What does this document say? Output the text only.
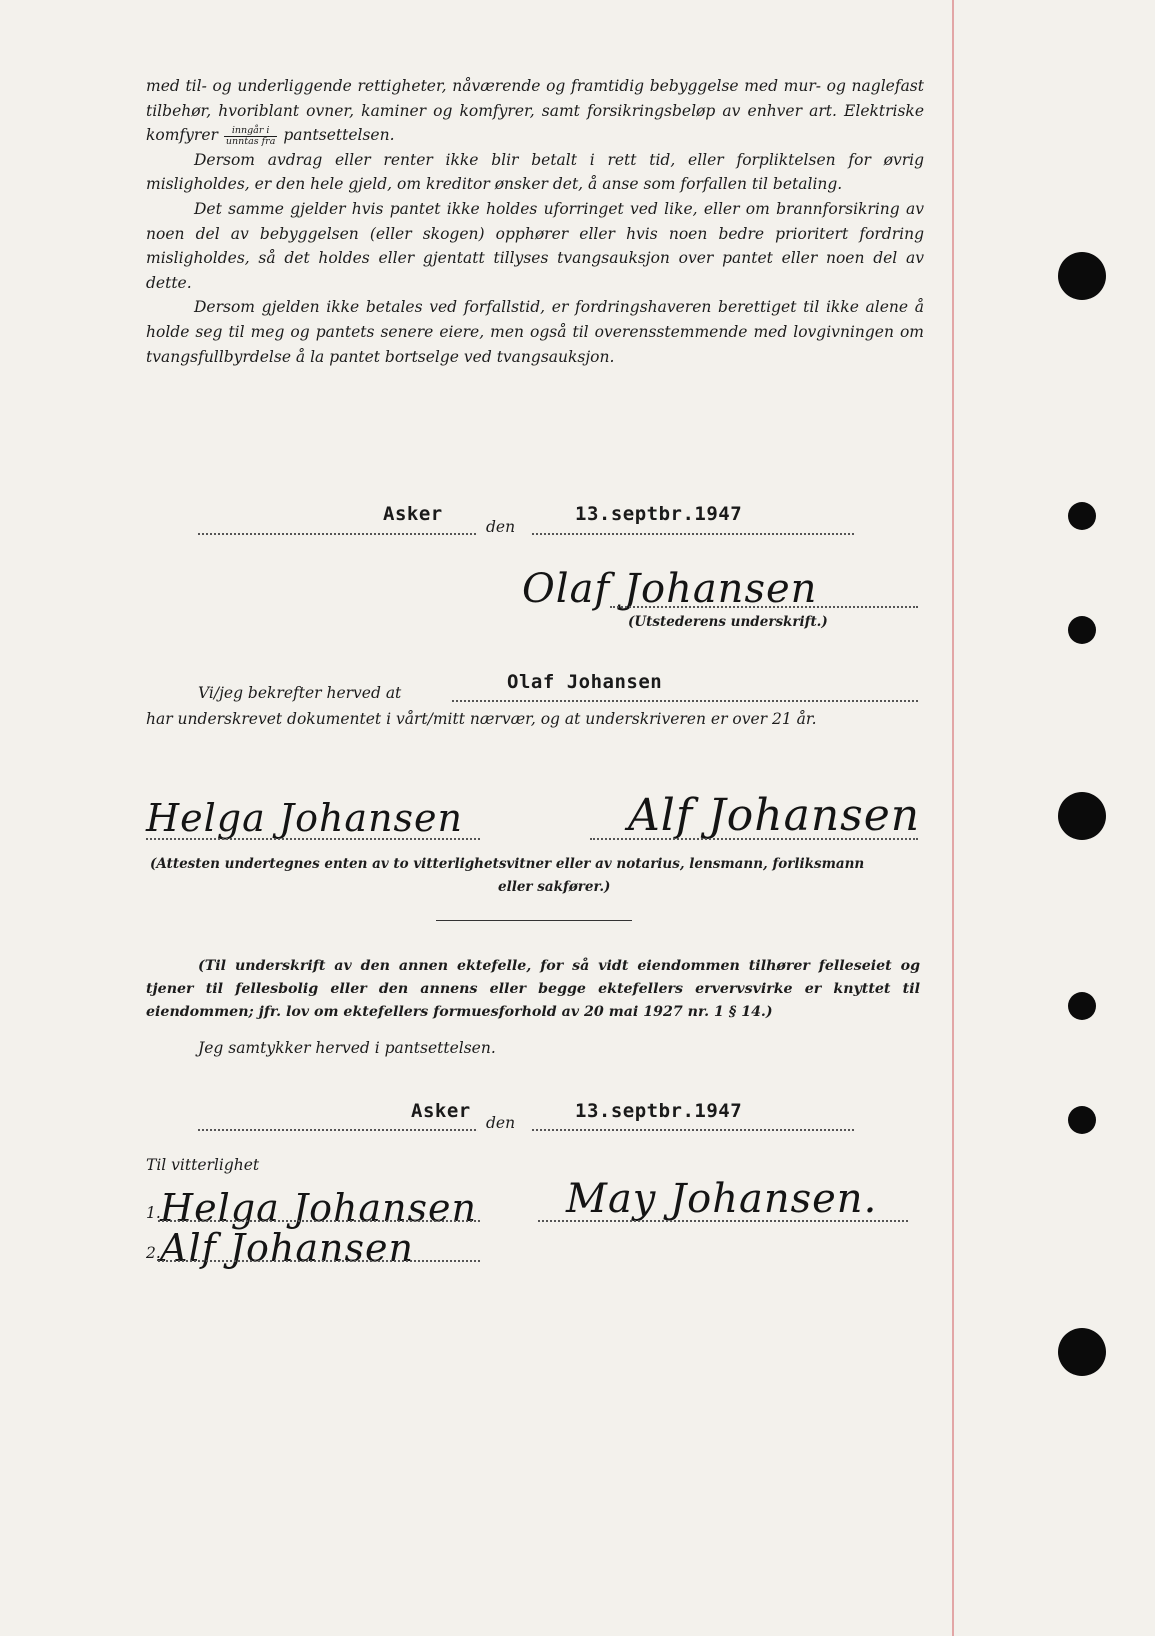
med til- og underliggende rettigheter, nåværende og framtidig bebyggelse med mur- og naglefast tilbehør, hvoriblant ovner, kaminer og komfyrer, samt forsikringsbeløp av enhver art. Elektriske komfyrer $\frac{\text{inngår i}}{\text{unntas fra}}$ pantsettelsen.

Dersom avdrag eller renter ikke blir betalt i rett tid, eller forpliktelsen for øvrig misligholdes, er den hele gjeld, om kreditor ønsker det, å anse som forfallen til betaling.

Det samme gjelder hvis pantet ikke holdes uforringet ved like, eller om brannforsikring av noen del av bebyggelsen (eller skogen) opphører eller hvis noen bedre prioritert fordring misligholdes, så det holdes eller gjentatt tillyses tvangsauksjon over pantet eller noen del av dette.

Dersom gjelden ikke betales ved forfallstid, er fordringshaveren berettiget til ikke alene å holde seg til meg og pantets senere eiere, men også til overensstemmende med lovgivningen om tvangsfullbyrdelse å la pantet bortselge ved tvangsauksjon.

Asker
den
13.septbr.1947
Olaf Johansen
(Utstederens underskrift.)
Olaf Johansen
Vi/jeg bekrefter herved at
har underskrevet dokumentet i vårt/mitt nærvær, og at underskriveren er over 21 år.
Helga Johansen	Alf Johansen
(Attesten undertegnes enten av to vitterlighetsvitner eller av notarius, lensmann, forliksmann
eller sakfører.)
(Til underskrift av den annen ektefelle, for så vidt eiendommen tilhører felleseiet og tjener til fellesbolig eller den annens eller begge ektefellers ervervsvirke er knyttet til eiendommen; jfr. lov om ektefellers formuesforhold av 20 mai 1927 nr. 1 § 14.)
Jeg samtykker herved i pantsettelsen.
Asker
den
13.septbr.1947
Til vitterlighet
1. Helga Johansen
2. Alf Johansen
May Johansen.
